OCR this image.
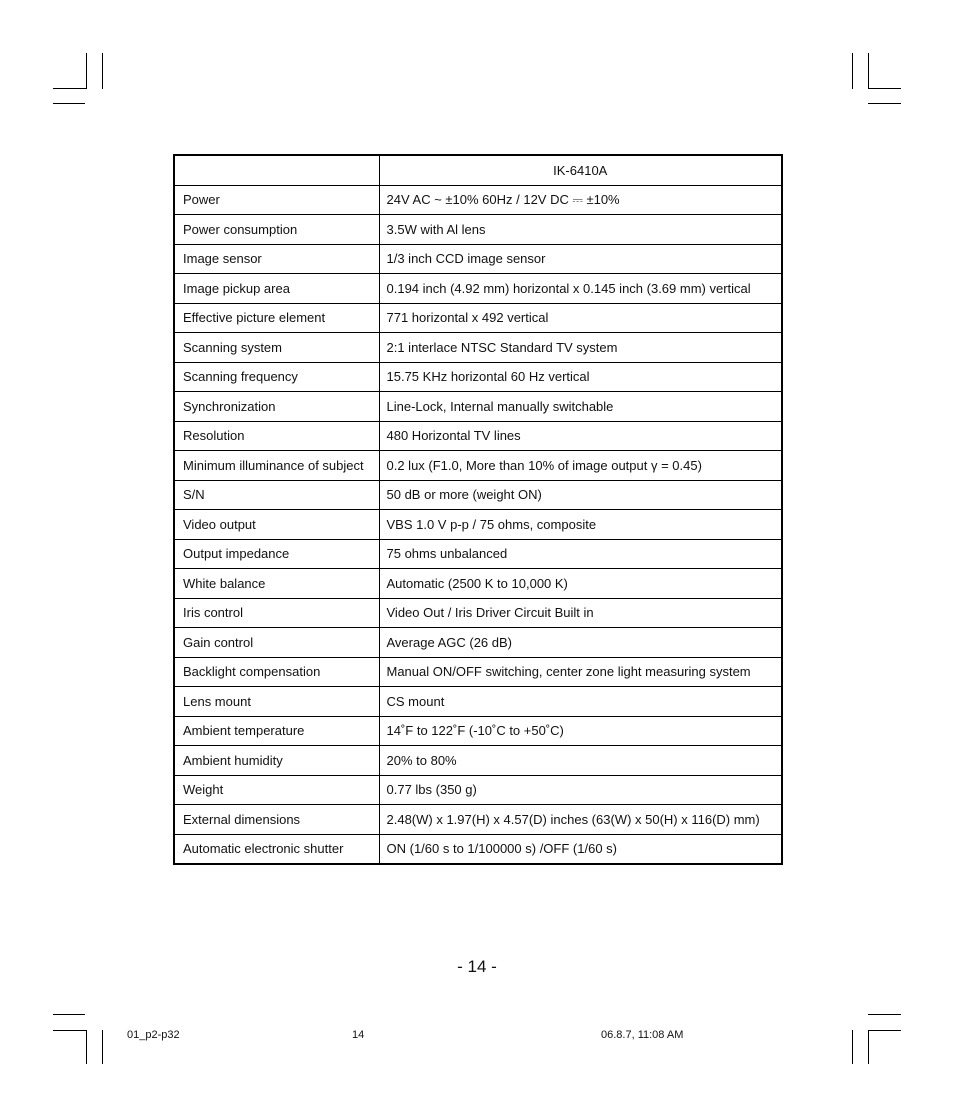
	IK-6410A
Power	24V AC ~ ±10% 60Hz / 12V DC ⎓ ±10%
Power consumption	3.5W with Al lens
Image sensor	1/3 inch CCD image sensor
Image pickup area	0.194 inch (4.92 mm) horizontal x 0.145 inch (3.69 mm) vertical
Effective picture element	771 horizontal x 492 vertical
Scanning system	2:1 interlace NTSC Standard TV system
Scanning frequency	15.75 KHz horizontal 60 Hz vertical
Synchronization	Line-Lock, Internal manually switchable
Resolution	480 Horizontal TV lines
Minimum illuminance of subject	0.2 lux (F1.0, More than 10% of image output γ = 0.45)
S/N	50 dB or more (weight ON)
Video output	VBS 1.0 V p-p / 75 ohms, composite
Output impedance	75 ohms unbalanced
White balance	Automatic (2500 K to 10,000 K)
Iris control	Video Out / Iris Driver Circuit Built in
Gain control	Average AGC (26 dB)
Backlight compensation	Manual ON/OFF switching, center zone light measuring system
Lens mount	CS mount
Ambient temperature	14˚F to 122˚F (-10˚C to +50˚C)
Ambient humidity	20% to 80%
Weight	0.77 lbs (350 g)
External dimensions	2.48(W) x 1.97(H) x 4.57(D) inches (63(W) x 50(H) x 116(D) mm)
Automatic electronic shutter	ON (1/60 s to 1/100000 s) /OFF (1/60 s)
- 14 -
01_p2-p32	14	06.8.7, 11:08 AM
